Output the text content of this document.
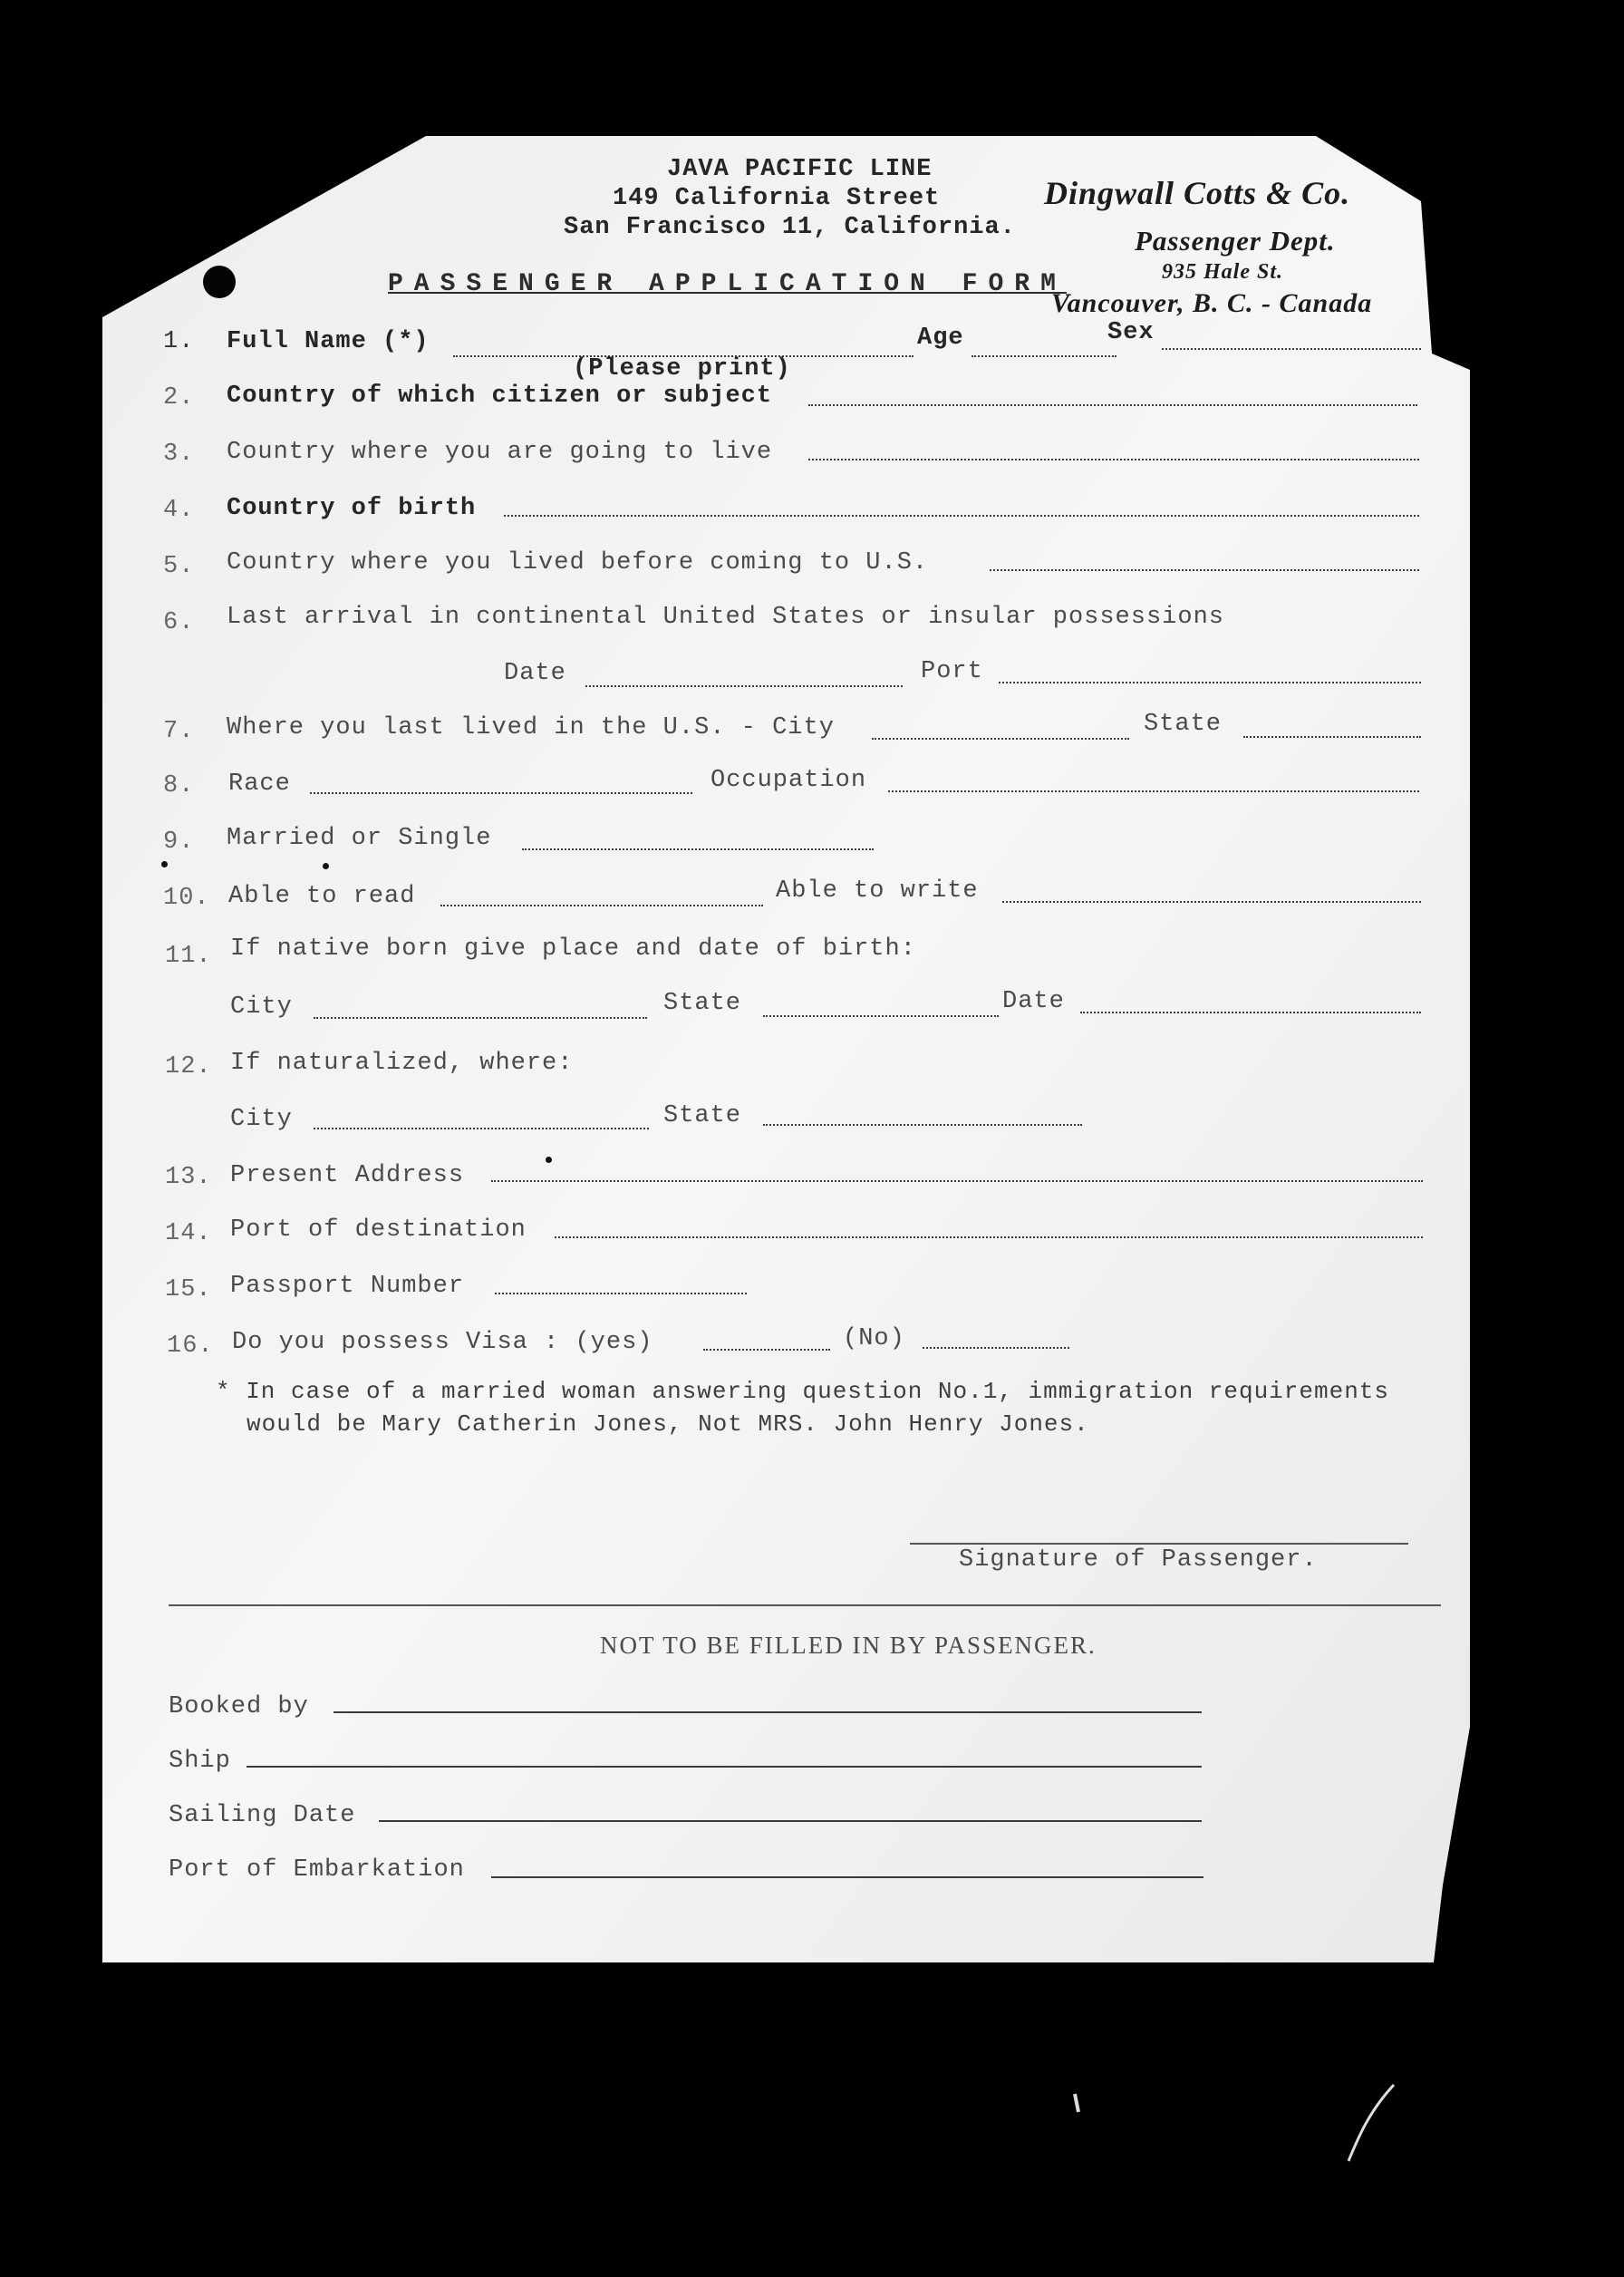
JAVA PACIFIC LINE
149 California Street
San Francisco 11, California.
Dingwall Cotts & Co.
Passenger Dept.
935 Hale St.
Vancouver, B. C. - Canada
PASSENGER APPLICATION FORM
1. Full Name (*)	Age	Sex
(Please print)
2. Country of which citizen or subject
3. Country where you are going to live
4. Country of birth
5. Country where you lived before coming to U.S.
6. Last arrival in continental United States or insular possessions
Date	Port
7. Where you last lived in the U.S. - City	State
8. Race	Occupation
9. Married or Single
10. Able to read	Able to write
11. If native born give place and date of birth:
City	State	Date
12. If naturalized, where:
City	State
13. Present Address
14. Port of destination
15. Passport Number
16. Do you possess Visa : (yes)	(No)
* In case of a married woman answering question No.1, immigration requirements
would be Mary Catherin Jones, Not MRS. John Henry Jones.
Signature of Passenger.
NOT TO BE FILLED IN BY PASSENGER.
Booked by
Ship
Sailing Date
Port of Embarkation
